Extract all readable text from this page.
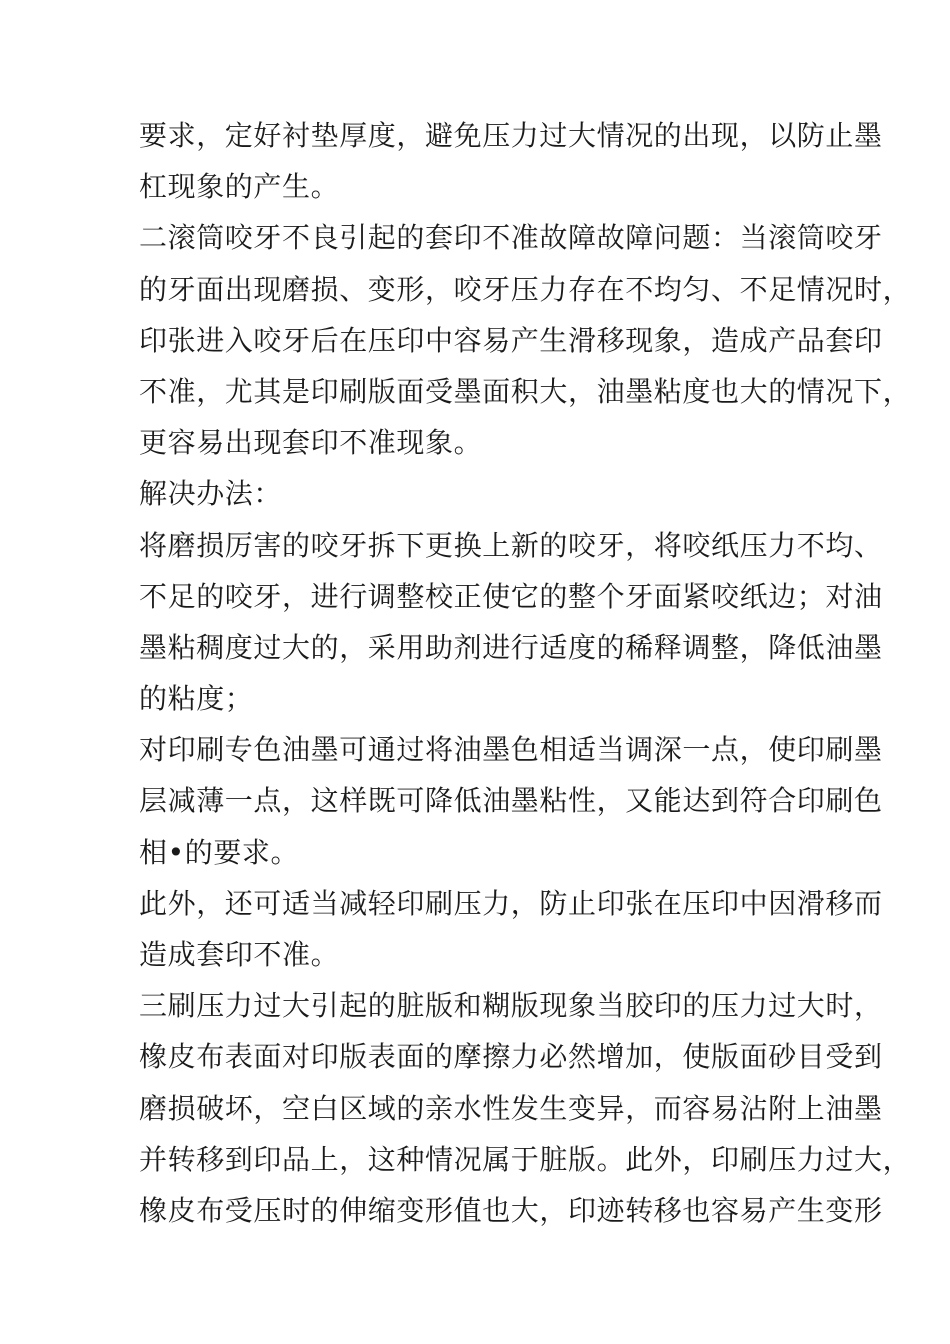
要求，定好衬垫厚度，避免压力过大情况的出现，以防止墨
杠现象的产生。
二滚筒咬牙不良引起的套印不准故障故障问题：当滚筒咬牙
的牙面出现磨损、变形，咬牙压力存在不均匀、不足情况时，
印张进入咬牙后在压印中容易产生滑移现象，造成产品套印
不准，尤其是印刷版面受墨面积大，油墨粘度也大的情况下，
更容易出现套印不准现象。
解决办法：
将磨损厉害的咬牙拆下更换上新的咬牙，将咬纸压力不均、
不足的咬牙，进行调整校正使它的整个牙面紧咬纸边；对油
墨粘稠度过大的，采用助剂进行适度的稀释调整，降低油墨
的粘度；
对印刷专色油墨可通过将油墨色相适当调深一点，使印刷墨
层减薄一点，这样既可降低油墨粘性，又能达到符合印刷色
相•的要求。
此外，还可适当减轻印刷压力，防止印张在压印中因滑移而
造成套印不准。
三刷压力过大引起的脏版和糊版现象当胶印的压力过大时，
橡皮布表面对印版表面的摩擦力必然增加，使版面砂目受到
磨损破坏，空白区域的亲水性发生变异，而容易沾附上油墨
并转移到印品上，这种情况属于脏版。此外，印刷压力过大，
橡皮布受压时的伸缩变形值也大，印迹转移也容易产生变形
